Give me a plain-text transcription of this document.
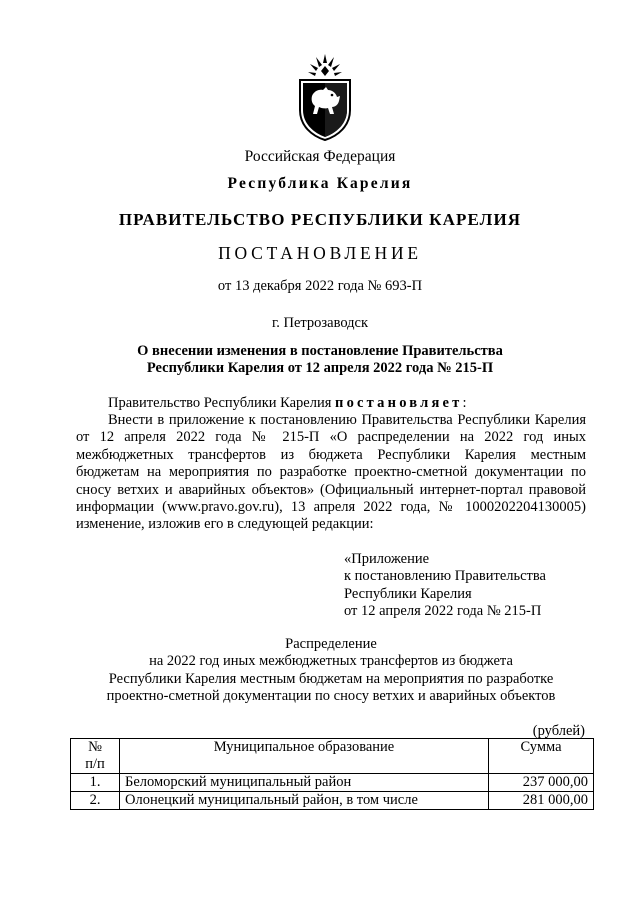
Российская Федерация
Республика Карелия
ПРАВИТЕЛЬСТВО РЕСПУБЛИКИ КАРЕЛИЯ
ПОСТАНОВЛЕНИЕ
от 13 декабря 2022 года № 693-П
г. Петрозаводск
О внесении изменения в постановление Правительства
Республики Карелия от 12 апреля 2022 года № 215-П

Правительство Республики Карелия постановляет:

Внести в приложение к постановлению Правительства Республики Карелия от 12 апреля 2022 года № 215-П «О распределении на 2022 год иных межбюджетных трансфертов из бюджета Республики Карелия местным бюджетам на мероприятия по разработке проектно-сметной документации по сносу ветхих и аварийных объектов» (Официальный интернет-портал правовой информации (www.pravo.gov.ru), 13 апреля 2022 года, № 1000202204130005) изменение, изложив его в следующей редакции:

«Приложение
к постановлению Правительства
Республики Карелия
от 12 апреля 2022 года № 215-П
Распределение
на 2022 год иных межбюджетных трансфертов из бюджета
Республики Карелия местным бюджетам на мероприятия по разработке
проектно-сметной документации по сносу ветхих и аварийных объектов
(рублей)
№
п/п	Муниципальное образование	Сумма
1.	Беломорский муниципальный район	237 000,00
2.	Олонецкий муниципальный район, в том числе	281 000,00
